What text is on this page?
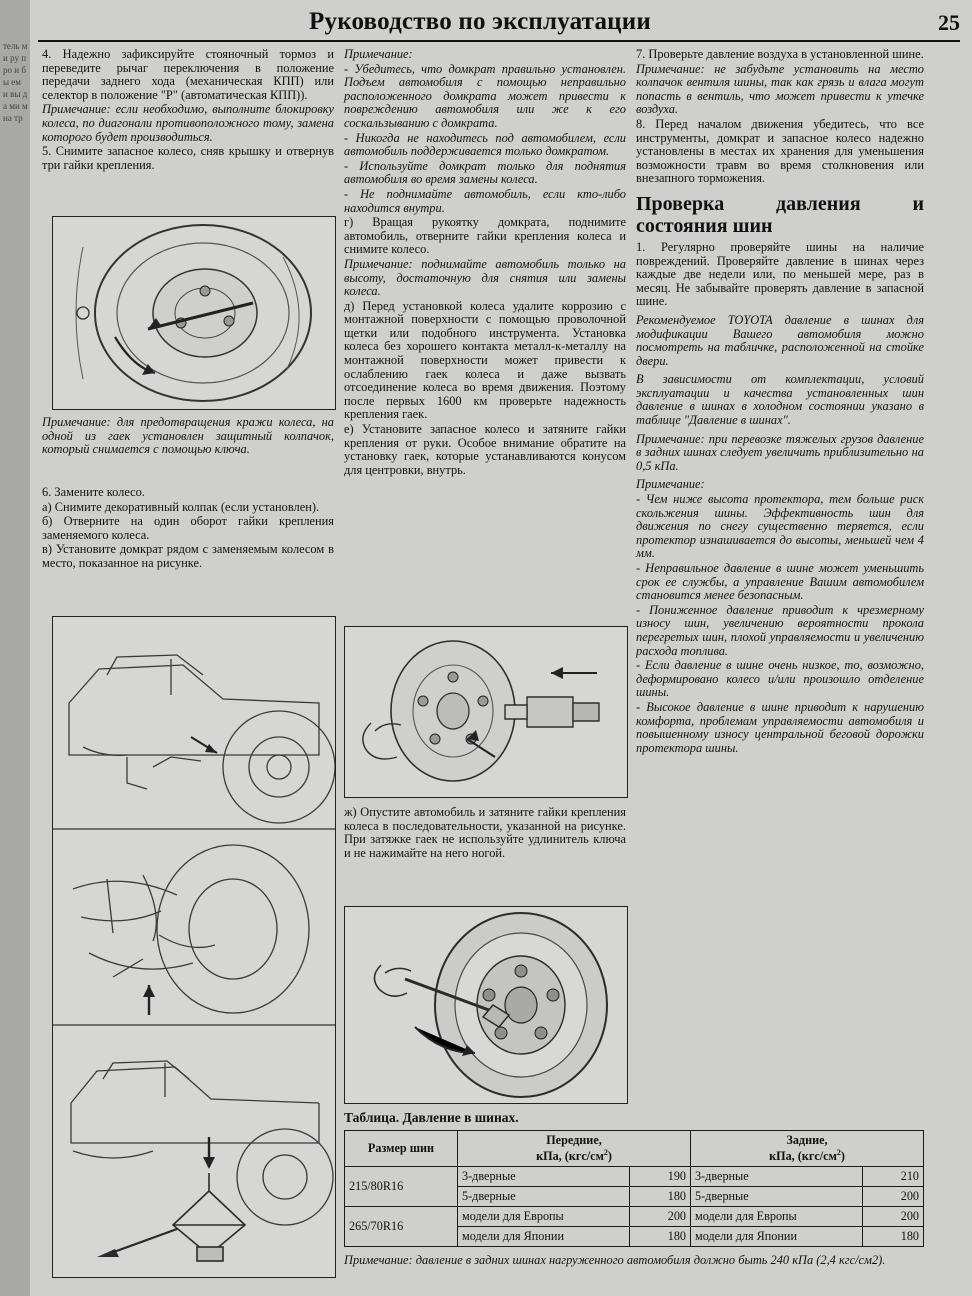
тель ми ру про и бы ем и вы да ми м на тр
Руководство по эксплуатации	25

4. Надежно зафиксируйте стояночный тормоз и переведите рычаг переключения в положение передачи заднего хода (механическая КПП) или селектор в положение "P" (автоматическая КПП)).

Примечание: если необходимо, выполните блокировку колеса, по диагонали противоположного тому, замена которого будет производиться.

5. Снимите запасное колесо, сняв крышку и отвернув три гайки крепления.

Примечание: для предотвращения кражи колеса, на одной из гаек установлен защитный колпачок, который снимается с помощью ключа.

6. Замените колесо.

а) Снимите декоративный колпак (если установлен).

б) Отверните на один оборот гайки крепления заменяемого колеса.

в) Установите домкрат рядом с заменяемым колесом в место, показанное на рисунке.

Примечание:

- Убедитесь, что домкрат правильно установлен. Подъем автомобиля с помощью неправильно расположенного домкрата может привести к повреждению автомобиля или же к его соскальзыванию с домкрата.

- Никогда не находитесь под автомобилем, если автомобиль поддерживается только домкратом.

- Используйте домкрат только для поднятия автомобиля во время замены колеса.

- Не поднимайте автомобиль, если кто-либо находится внутри.

г) Вращая рукоятку домкрата, поднимите автомобиль, отверните гайки крепления колеса и снимите колесо.

Примечание: поднимайте автомобиль только на высоту, достаточную для снятия или замены колеса.

д) Перед установкой колеса удалите коррозию с монтажной поверхности с помощью проволочной щетки или подобного инструмента. Установка колеса без хорошего контакта металл-к-металлу на монтажной поверхности может привести к ослаблению гаек колеса и даже вызвать отсоединение колеса во время движения. Поэтому после первых 1600 км проверьте надежность крепления гаек.

е) Установите запасное колесо и затяните гайки крепления от руки. Особое внимание обратите на установку гаек, которые устанавливаются конусом для центровки, внутрь.

ж) Опустите автомобиль и затяните гайки крепления колеса в последовательности, указанной на рисунке. При затяжке гаек не используйте удлинитель ключа и не нажимайте на него ногой.

7. Проверьте давление воздуха в установленной шине.

Примечание: не забудьте установить на место колпачок вентиля шины, так как грязь и влага могут попасть в вентиль, что может привести к утечке воздуха.

8. Перед началом движения убедитесь, что все инструменты, домкрат и запасное колесо надежно установлены в местах их хранения для уменьшения возможности травм во время столкновения или внезапного торможения.

Проверка давления и состояния шин

1. Регулярно проверяйте шины на наличие повреждений. Проверяйте давление в шинах через каждые две недели или, по меньшей мере, раз в месяц. Не забывайте проверять давление в запасной шине.

Рекомендуемое TOYOTA давление в шинах для модификации Вашего автомобиля можно посмотреть на табличке, расположенной на стойке двери.

В зависимости от комплектации, условий эксплуатации и качества установленных шин давление в шинах в холодном состоянии указано в таблице "Давление в шинах".

Примечание: при перевозке тяжелых грузов давление в задних шинах следует увеличить приблизительно на 0,5 кПа.

Примечание:

- Чем ниже высота протектора, тем больше риск скольжения шины. Эффективность шин для движения по снегу существенно теряется, если протектор изнашивается до высоты, меньшей чем 4 мм.

- Неправильное давление в шине может уменьшить срок ее службы, а управление Вашим автомобилем становится менее безопасным.

- Пониженное давление приводит к чрезмерному износу шин, увеличению вероятности прокола перегретых шин, плохой управляемости и увеличению расхода топлива.

- Если давление в шине очень низкое, то, возможно, деформировано колесо и/или произошло отделение шины.

- Высокое давление в шине приводит к нарушению комфорта, проблемам управляемости автомобиля и повышенному износу центральной беговой дорожки протектора шины.

Таблица. Давление в шинах.
Размер шин	Передние,
кПа, $(кгс/см^2)$		Задние,
кПа, $(кгс/см^2)$	
215/80R16	3-дверные	190	3-дверные	210
	5-дверные	180	5-дверные	200
265/70R16	модели для Европы	200	модели для Европы	200
	модели для Японии	180	модели для Японии	180
Примечание: давление в задних шинах нагруженного автомобиля должно быть 240 кПа (2,4 кгс/см2).
